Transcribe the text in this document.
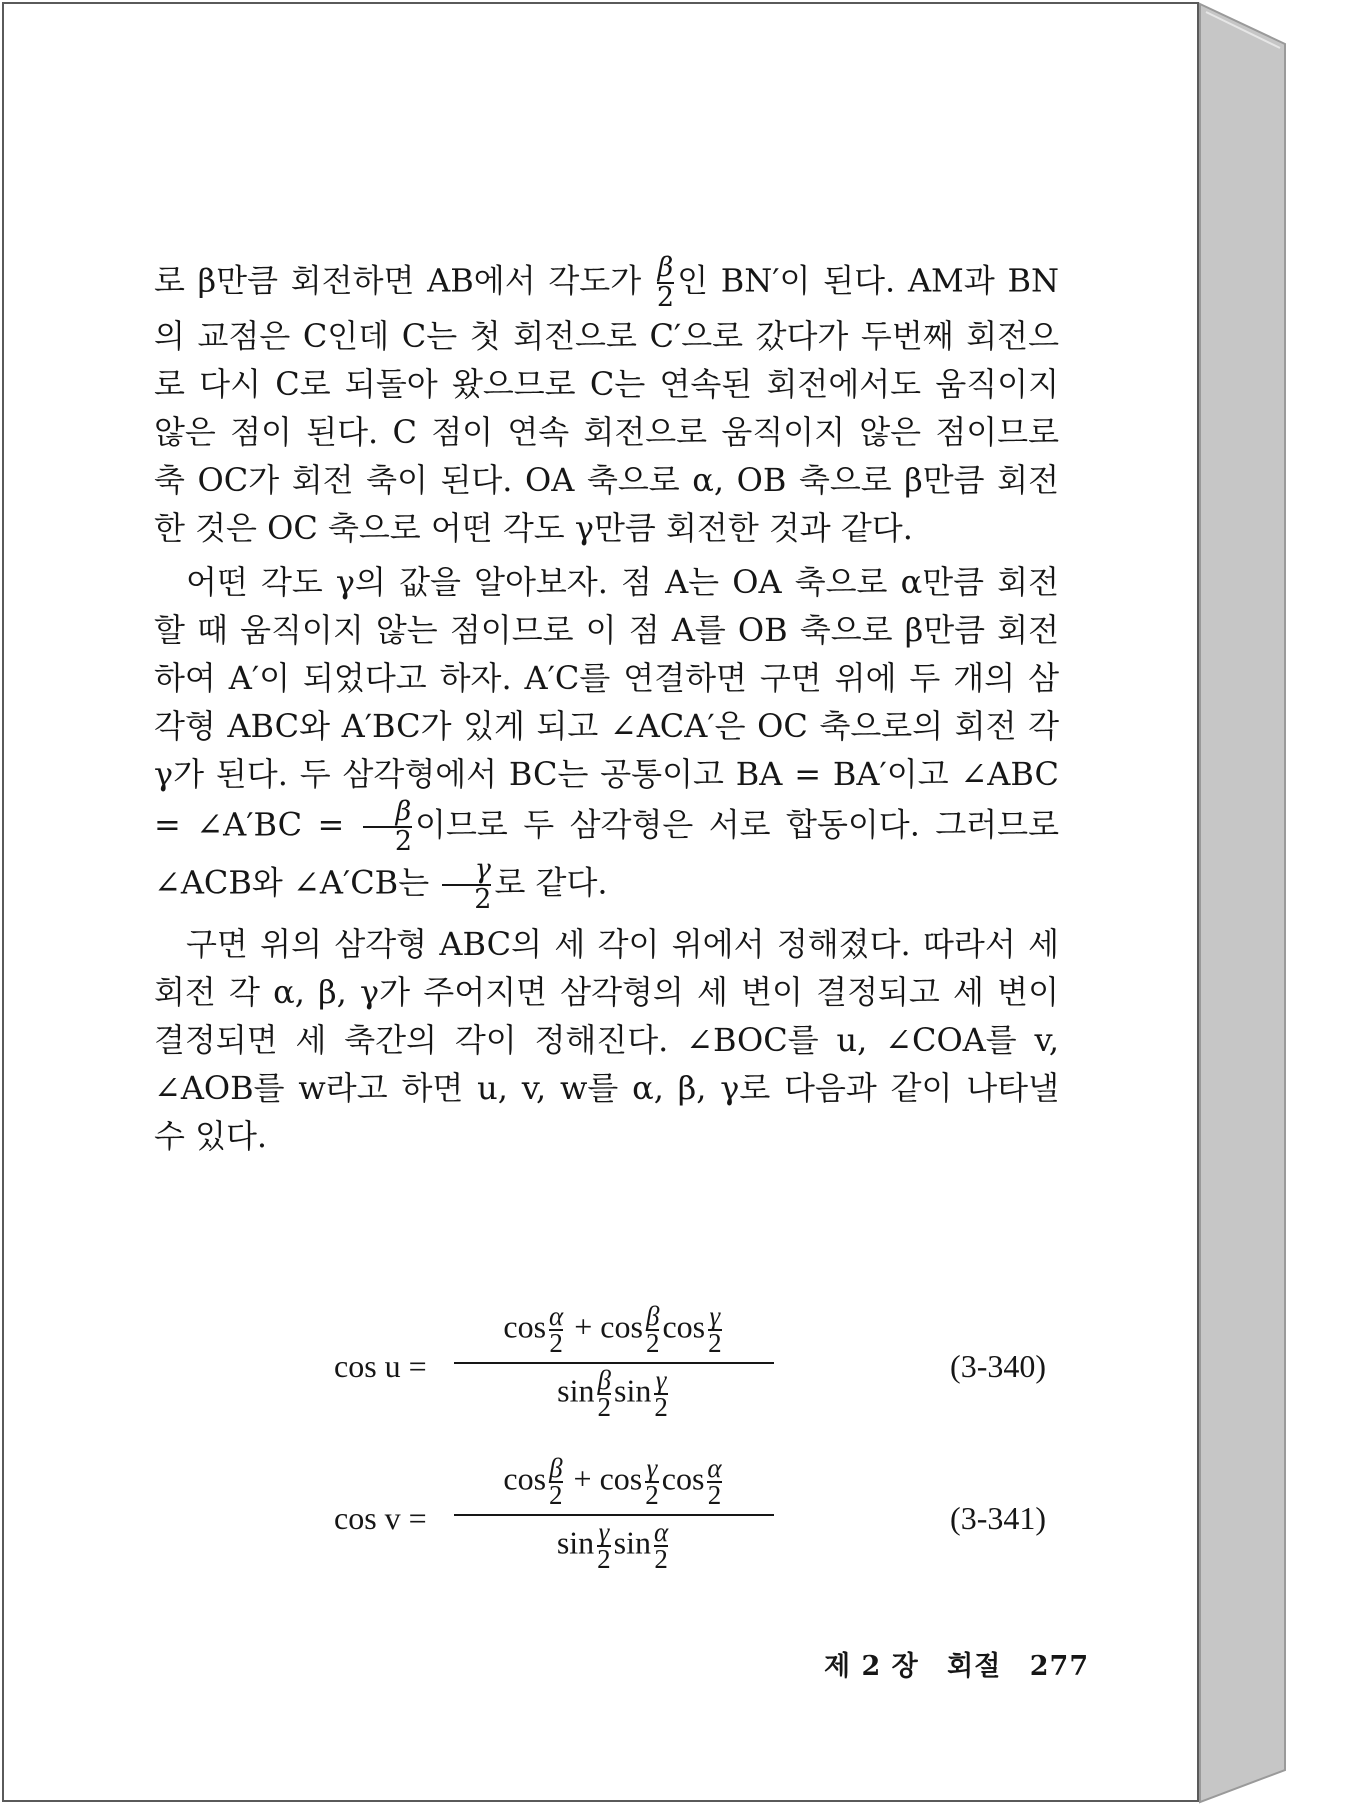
로 β만큼 회전하면 AB에서 각도가 $\frac{\beta}{2}$ 인 BN′이 된다. AM과 BN의 교점은 C인데 C는 첫 회전으로 C′으로 갔다가 두번째 회전으로 다시 C로 되돌아 왔으므로 C는 연속된 회전에서도 움직이지 않은 점이 된다. C 점이 연속 회전으로 움직이지 않은 점이므로 축 OC가 회전 축이 된다. OA 축으로 α, OB 축으로 β만큼 회전한 것은 OC 축으로 어떤 각도 γ만큼 회전한 것과 같다.

어떤 각도 γ의 값을 알아보자. 점 A는 OA 축으로 α만큼 회전할 때 움직이지 않는 점이므로 이 점 A를 OB 축으로 β만큼 회전하여 A′이 되었다고 하자. A′C를 연결하면 구면 위에 두 개의 삼각형 ABC와 A′BC가 있게 되고 ∠ACA′은 OC 축으로의 회전 각 γ가 된다. 두 삼각형에서 BC는 공통이고 BA = BA′이고 ∠ABC = ∠A′BC = $\frac{\beta}{2}$ 이므로 두 삼각형은 서로 합동이다. 그러므로 ∠ACB와 ∠A′CB는 $\frac{\gamma}{2}$ 로 같다.

구면 위의 삼각형 ABC의 세 각이 위에서 정해졌다. 따라서 세 회전 각 α, β, γ가 주어지면 삼각형의 세 변이 결정되고 세 변이 결정되면 세 축간의 각이 정해진다. ∠BOC를 u, ∠COA를 v, ∠AOB를 w라고 하면 u, v, w를 α, β, γ로 다음과 같이 나타낼 수 있다.

cos u =
$\cos \frac{\alpha}{2} + \cos \frac{\beta}{2}$ $\cos \frac{\gamma}{2}$
$\sin \frac{\beta}{2}$ $\sin \frac{\gamma}{2}$
(3-340)
cos v =
$\cos \frac{\beta}{2} + \cos \frac{\gamma}{2}$ $\cos \frac{\alpha}{2}$
$\sin \frac{\gamma}{2}$ $\sin \frac{\alpha}{2}$
(3-341)
제 2 장 회절 277
